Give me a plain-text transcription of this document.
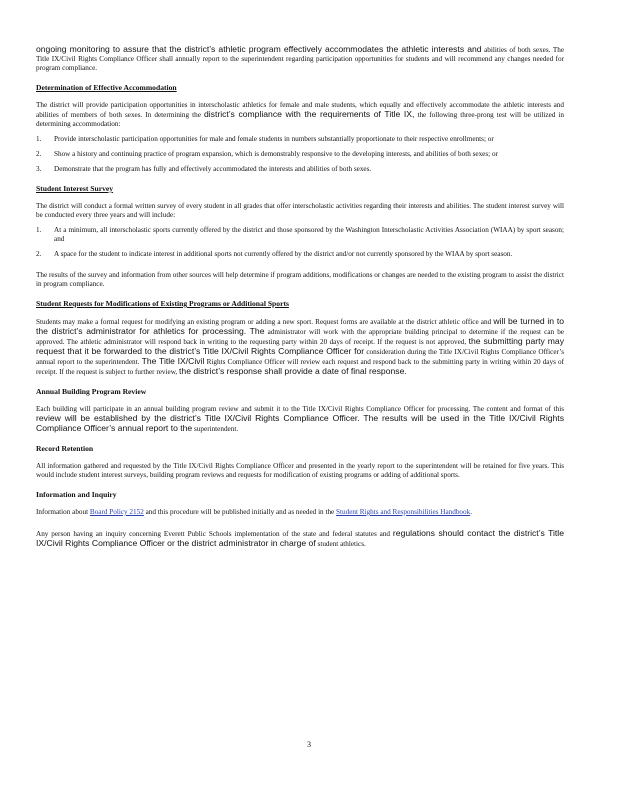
ongoing monitoring to assure that the district’s athletic program effectively accommodates the athletic interests and abilities of both sexes. The Title IX/Civil Rights Compliance Officer shall annually report to the superintendent regarding participation opportunities for students and will recommend any changes needed for program compliance.

Determination of Effective Accommodation

The district will provide participation opportunities in interscholastic athletics for female and male students, which equally and effectively accommodate the athletic interests and abilities of members of both sexes. In determining the district’s compliance with the requirements of Title IX, the following three-prong test will be utilized in determining accommodation:

1. Provide interscholastic participation opportunities for male and female students in numbers substantially proportionate to their respective enrollments; or
2. Show a history and continuing practice of program expansion, which is demonstrably responsive to the developing interests, and abilities of both sexes; or
3. Demonstrate that the program has fully and effectively accommodated the interests and abilities of both sexes.
Student Interest Survey

The district will conduct a formal written survey of every student in all grades that offer interscholastic activities regarding their interests and abilities. The student interest survey will be conducted every three years and will include:

1. At a minimum, all interscholastic sports currently offered by the district and those sponsored by the Washington Interscholastic Activities Association (WIAA) by sport season; and
2. A space for the student to indicate interest in additional sports not currently offered by the district and/or not currently sponsored by the WIAA by sport season.

The results of the survey and information from other sources will help determine if program additions, modifications or changes are needed to the existing program to assist the district in program compliance.

Student Requests for Modifications of Existing Programs or Additional Sports

Students may make a formal request for modifying an existing program or adding a new sport. Request forms are available at the district athletic office and will be turned in to the district’s administrator for athletics for processing. The administrator will work with the appropriate building principal to determine if the request can be approved. The athletic administrator will respond back in writing to the requesting party within 20 days of receipt. If the request is not approved, the submitting party may request that it be forwarded to the district’s Title IX/Civil Rights Compliance Officer for consideration during the Title IX/Civil Rights Compliance Officer’s annual report to the superintendent. The Title IX/Civil Rights Compliance Officer will review each request and respond back to the submitting party in writing within 20 days of receipt. If the request is subject to further review, the district’s response shall provide a date of final response.

Annual Building Program Review

Each building will participate in an annual building program review and submit it to the Title IX/Civil Rights Compliance Officer for processing. The content and format of this review will be established by the district’s Title IX/Civil Rights Compliance Officer. The results will be used in the Title IX/Civil Rights Compliance Officer’s annual report to the superintendent.

Record Retention

All information gathered and requested by the Title IX/Civil Rights Compliance Officer and presented in the yearly report to the superintendent will be retained for five years. This would include student interest surveys, building program reviews and requests for modification of existing programs or adding of additional sports.

Information and Inquiry

Information about Board Policy 2152 and this procedure will be published initially and as needed in the Student Rights and Responsibilities Handbook.

Any person having an inquiry concerning Everett Public Schools implementation of the state and federal statutes and regulations should contact the district’s Title IX/Civil Rights Compliance Officer or the district administrator in charge of student athletics.

3
